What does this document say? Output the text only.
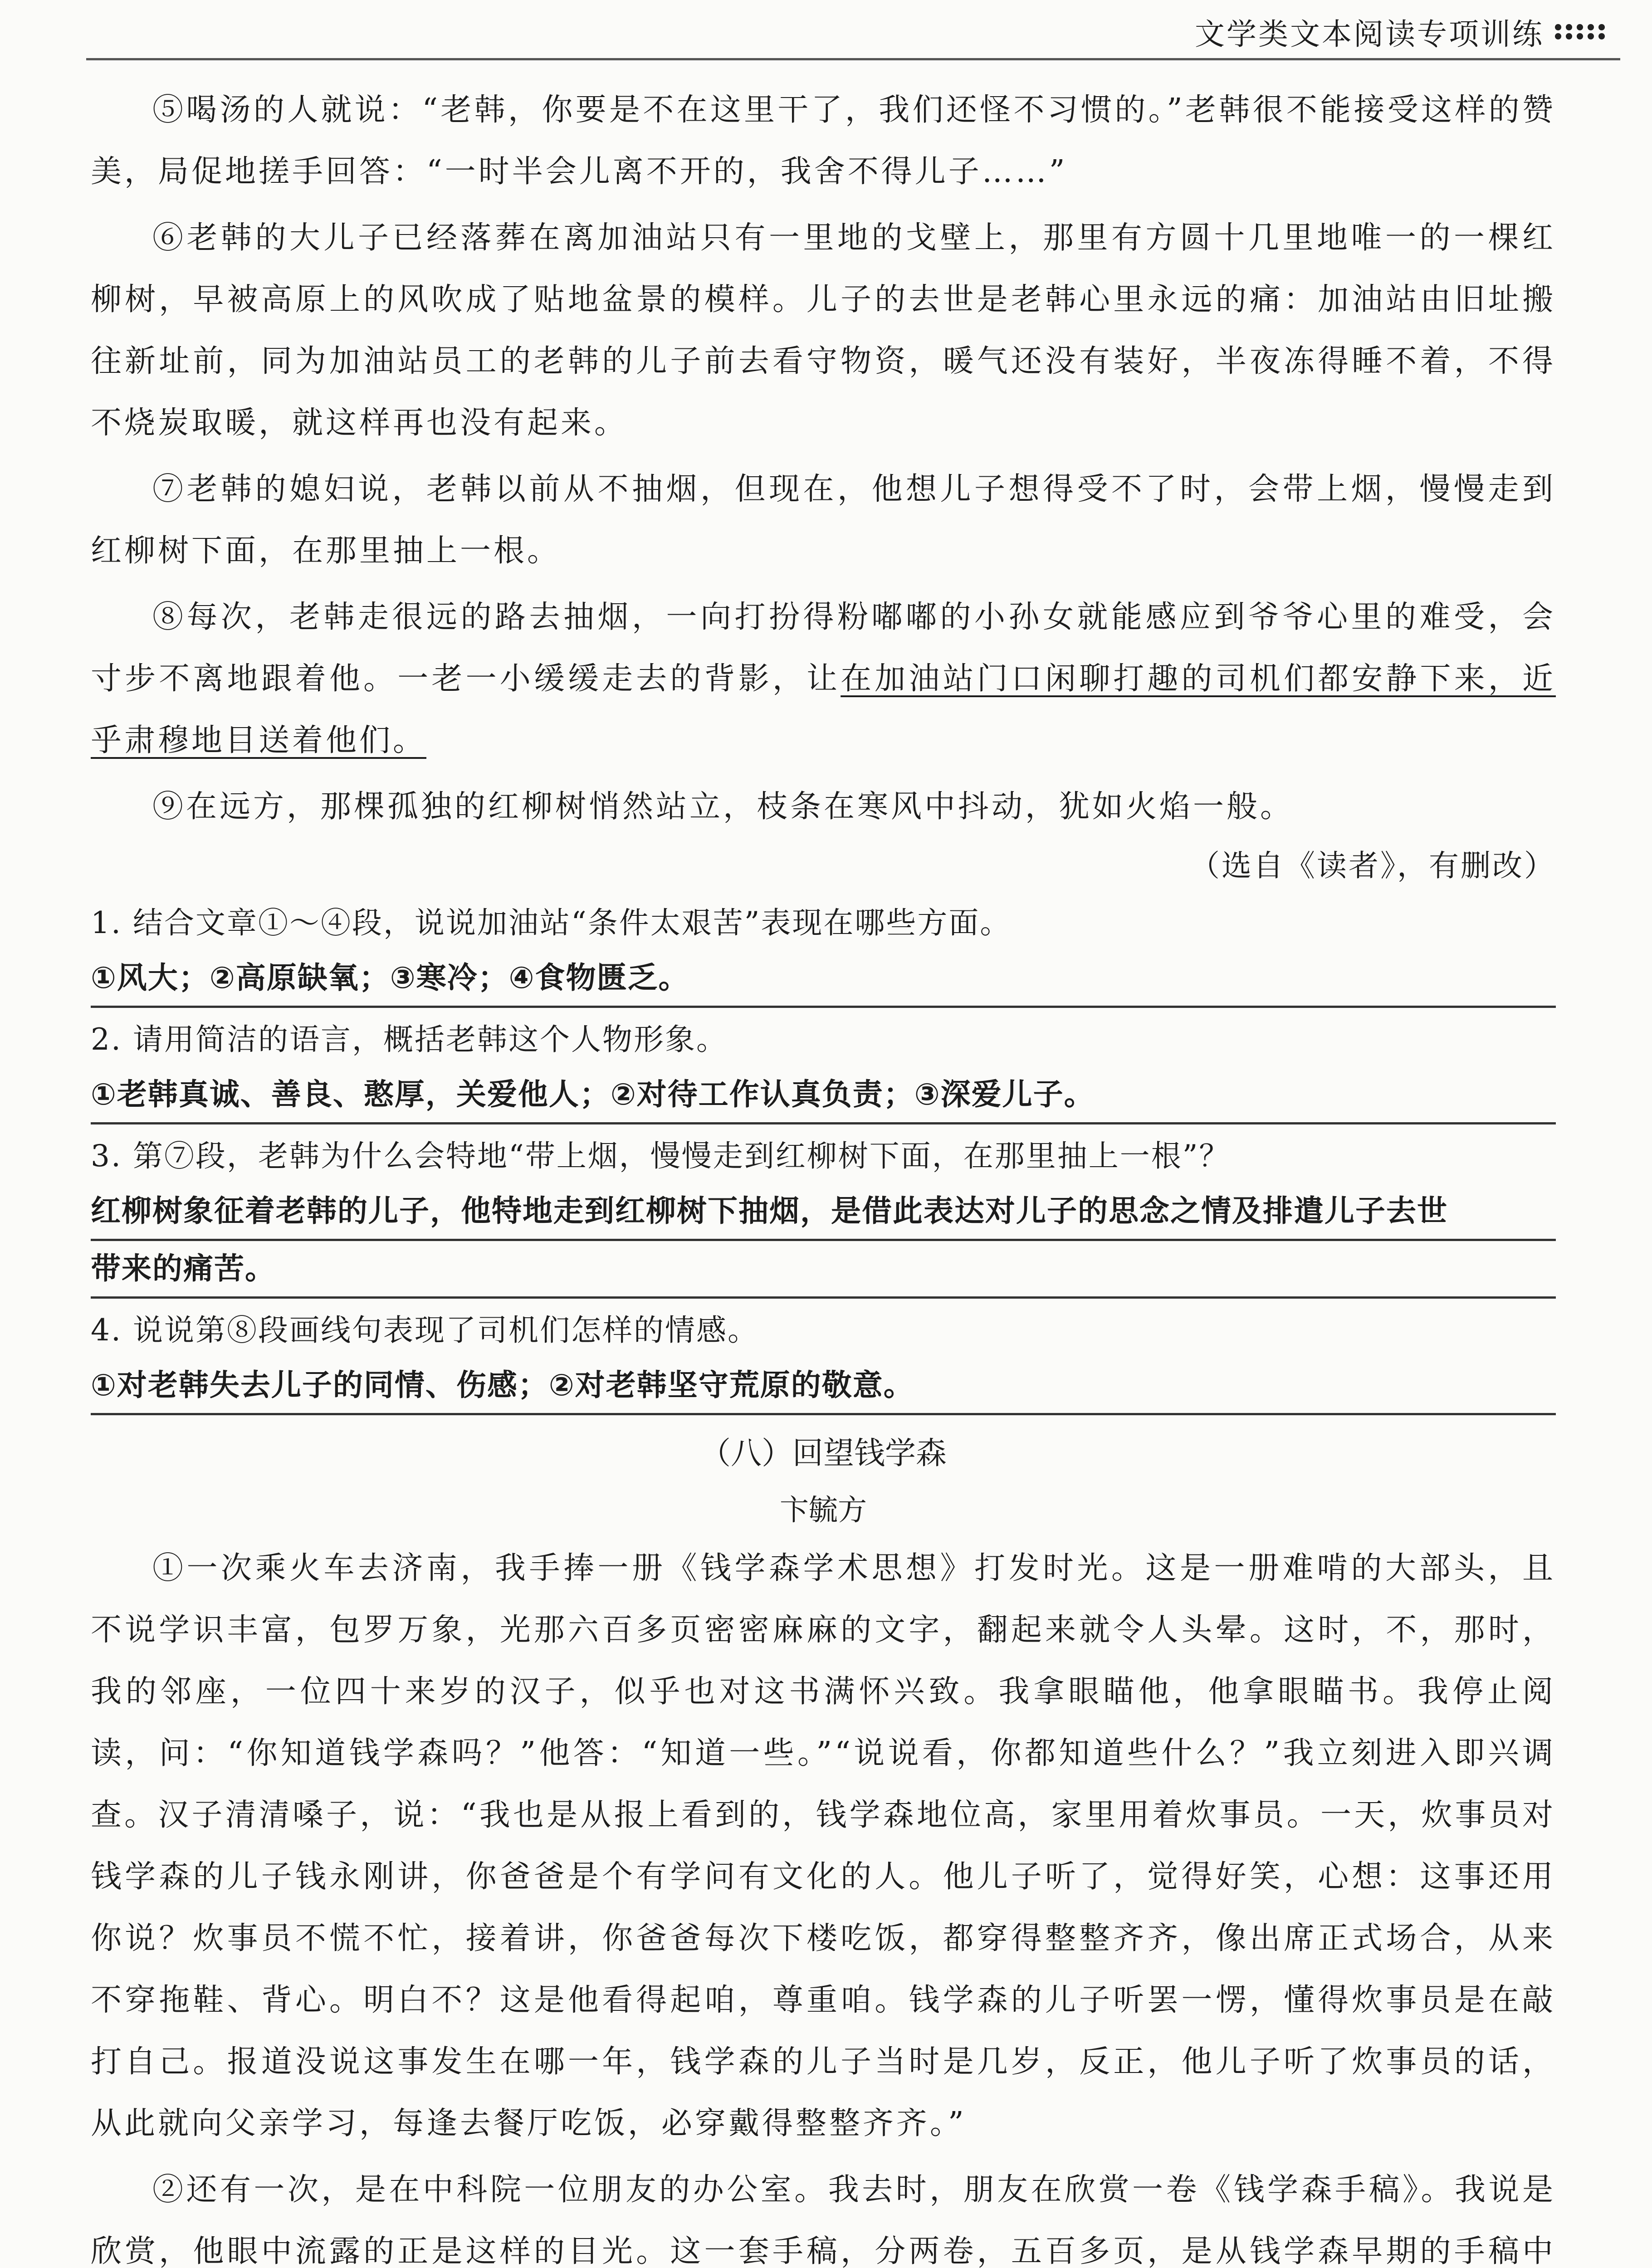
文学类文本阅读专项训练

⑤喝汤的人就说：“老韩，你要是不在这里干了，我们还怪不习惯的。”老韩很不能接受这样的赞美，局促地搓手回答：“一时半会儿离不开的，我舍不得儿子……”

⑥老韩的大儿子已经落葬在离加油站只有一里地的戈壁上，那里有方圆十几里地唯一的一棵红柳树，早被高原上的风吹成了贴地盆景的模样。儿子的去世是老韩心里永远的痛：加油站由旧址搬往新址前，同为加油站员工的老韩的儿子前去看守物资，暖气还没有装好，半夜冻得睡不着，不得不烧炭取暖，就这样再也没有起来。

⑦老韩的媳妇说，老韩以前从不抽烟，但现在，他想儿子想得受不了时，会带上烟，慢慢走到红柳树下面，在那里抽上一根。

⑧每次，老韩走很远的路去抽烟，一向打扮得粉嘟嘟的小孙女就能感应到爷爷心里的难受，会寸步不离地跟着他。一老一小缓缓走去的背影，让在加油站门口闲聊打趣的司机们都安静下来，近乎肃穆地目送着他们。

⑨在远方，那棵孤独的红柳树悄然站立，枝条在寒风中抖动，犹如火焰一般。

（选自《读者》，有删改）

1. 结合文章①～④段，说说加油站“条件太艰苦”表现在哪些方面。

①风大；②高原缺氧；③寒冷；④食物匮乏。

2. 请用简洁的语言，概括老韩这个人物形象。

①老韩真诚、善良、憨厚，关爱他人；②对待工作认真负责；③深爱儿子。

3. 第⑦段，老韩为什么会特地“带上烟，慢慢走到红柳树下面，在那里抽上一根”？

红柳树象征着老韩的儿子，他特地走到红柳树下抽烟，是借此表达对儿子的思念之情及排遣儿子去世
带来的痛苦。

4. 说说第⑧段画线句表现了司机们怎样的情感。

①对老韩失去儿子的同情、伤感；②对老韩坚守荒原的敬意。

（八）回望钱学森

卞毓方

①一次乘火车去济南，我手捧一册《钱学森学术思想》打发时光。这是一册难啃的大部头，且不说学识丰富，包罗万象，光那六百多页密密麻麻的文字，翻起来就令人头晕。这时，不，那时，我的邻座，一位四十来岁的汉子，似乎也对这书满怀兴致。我拿眼瞄他，他拿眼瞄书。我停止阅读，问：“你知道钱学森吗？”他答：“知道一些。”“说说看，你都知道些什么？”我立刻进入即兴调查。汉子清清嗓子，说：“我也是从报上看到的，钱学森地位高，家里用着炊事员。一天，炊事员对钱学森的儿子钱永刚讲，你爸爸是个有学问有文化的人。他儿子听了，觉得好笑，心想：这事还用你说？炊事员不慌不忙，接着讲，你爸爸每次下楼吃饭，都穿得整整齐齐，像出席正式场合，从来不穿拖鞋、背心。明白不？这是他看得起咱，尊重咱。钱学森的儿子听罢一愣，懂得炊事员是在敲打自己。报道没说这事发生在哪一年，钱学森的儿子当时是几岁，反正，他儿子听了炊事员的话，从此就向父亲学习，每逢去餐厅吃饭，必穿戴得整整齐齐。”

②还有一次，是在中科院一位朋友的办公室。我去时，朋友在欣赏一卷《钱学森手稿》。我说是欣赏，他眼中流露的正是这样的目光。这一套手稿，分两卷，五百多页，是从钱学森早期的手稿中
